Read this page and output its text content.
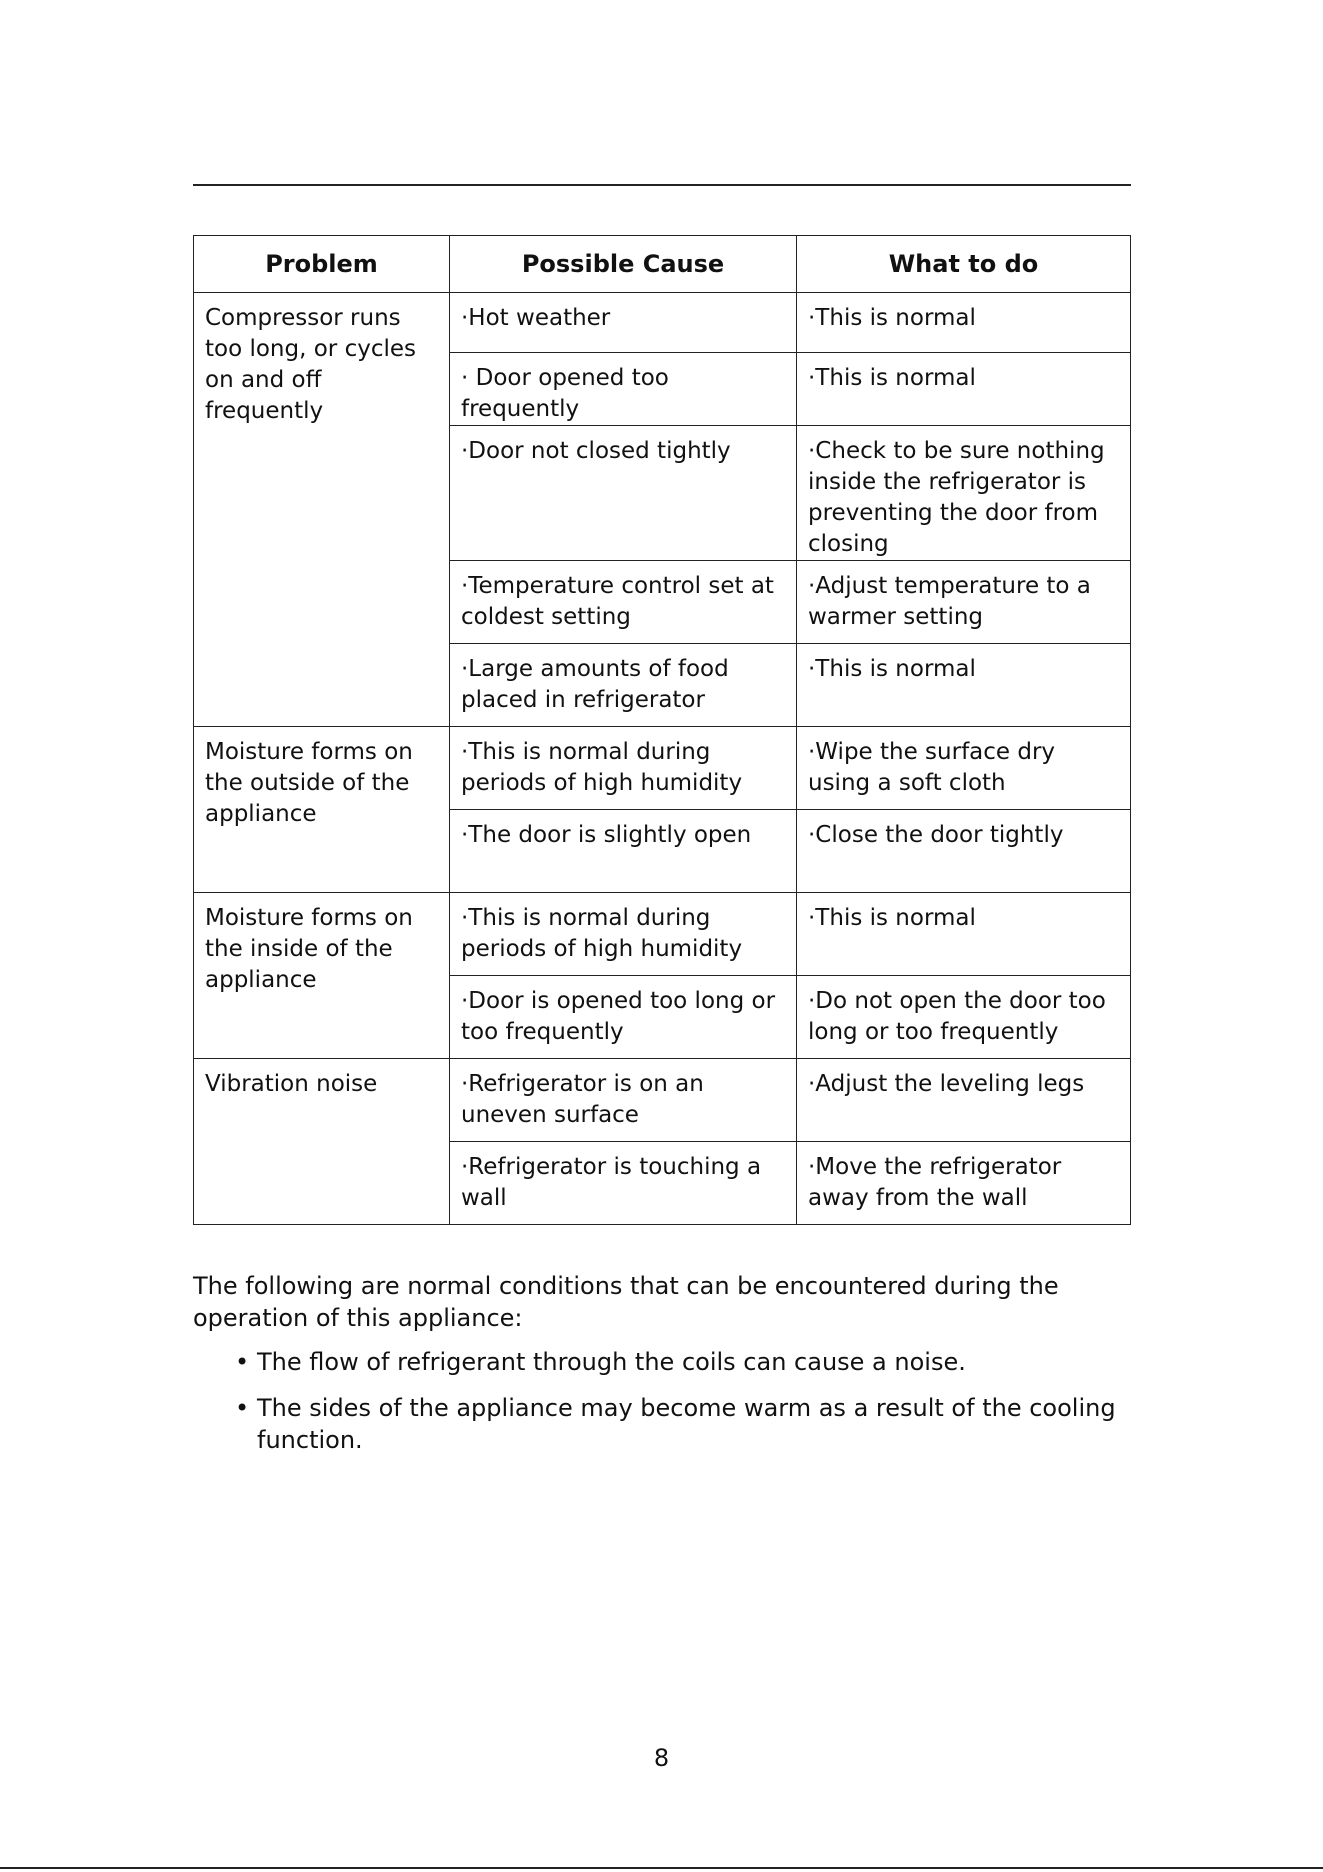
Problem	Possible Cause	What to do
Compressor runs too long, or cycles on and off frequently	·Hot weather	·This is normal
	· Door opened too frequently	·This is normal
	·Door not closed tightly	·Check to be sure nothing inside the refrigerator is preventing the door from closing
	·Temperature control set at coldest setting	·Adjust temperature to a warmer setting
	·Large amounts of food placed in refrigerator	·This is normal
Moisture forms on the outside of the appliance	·This is normal during periods of high humidity	·Wipe the surface dry using a soft cloth
	·The door is slightly open	·Close the door tightly
Moisture forms on the inside of the appliance	·This is normal during periods of high humidity	·This is normal
	·Door is opened too long or too frequently	·Do not open the door too long or too frequently
Vibration noise	·Refrigerator is on an uneven surface	·Adjust the leveling legs
	·Refrigerator is touching a wall	·Move the refrigerator away from the wall

The following are normal conditions that can be encountered during the operation of this appliance:

• The flow of refrigerant through the coils can cause a noise.
• The sides of the appliance may become warm as a result of the cooling function.
8
